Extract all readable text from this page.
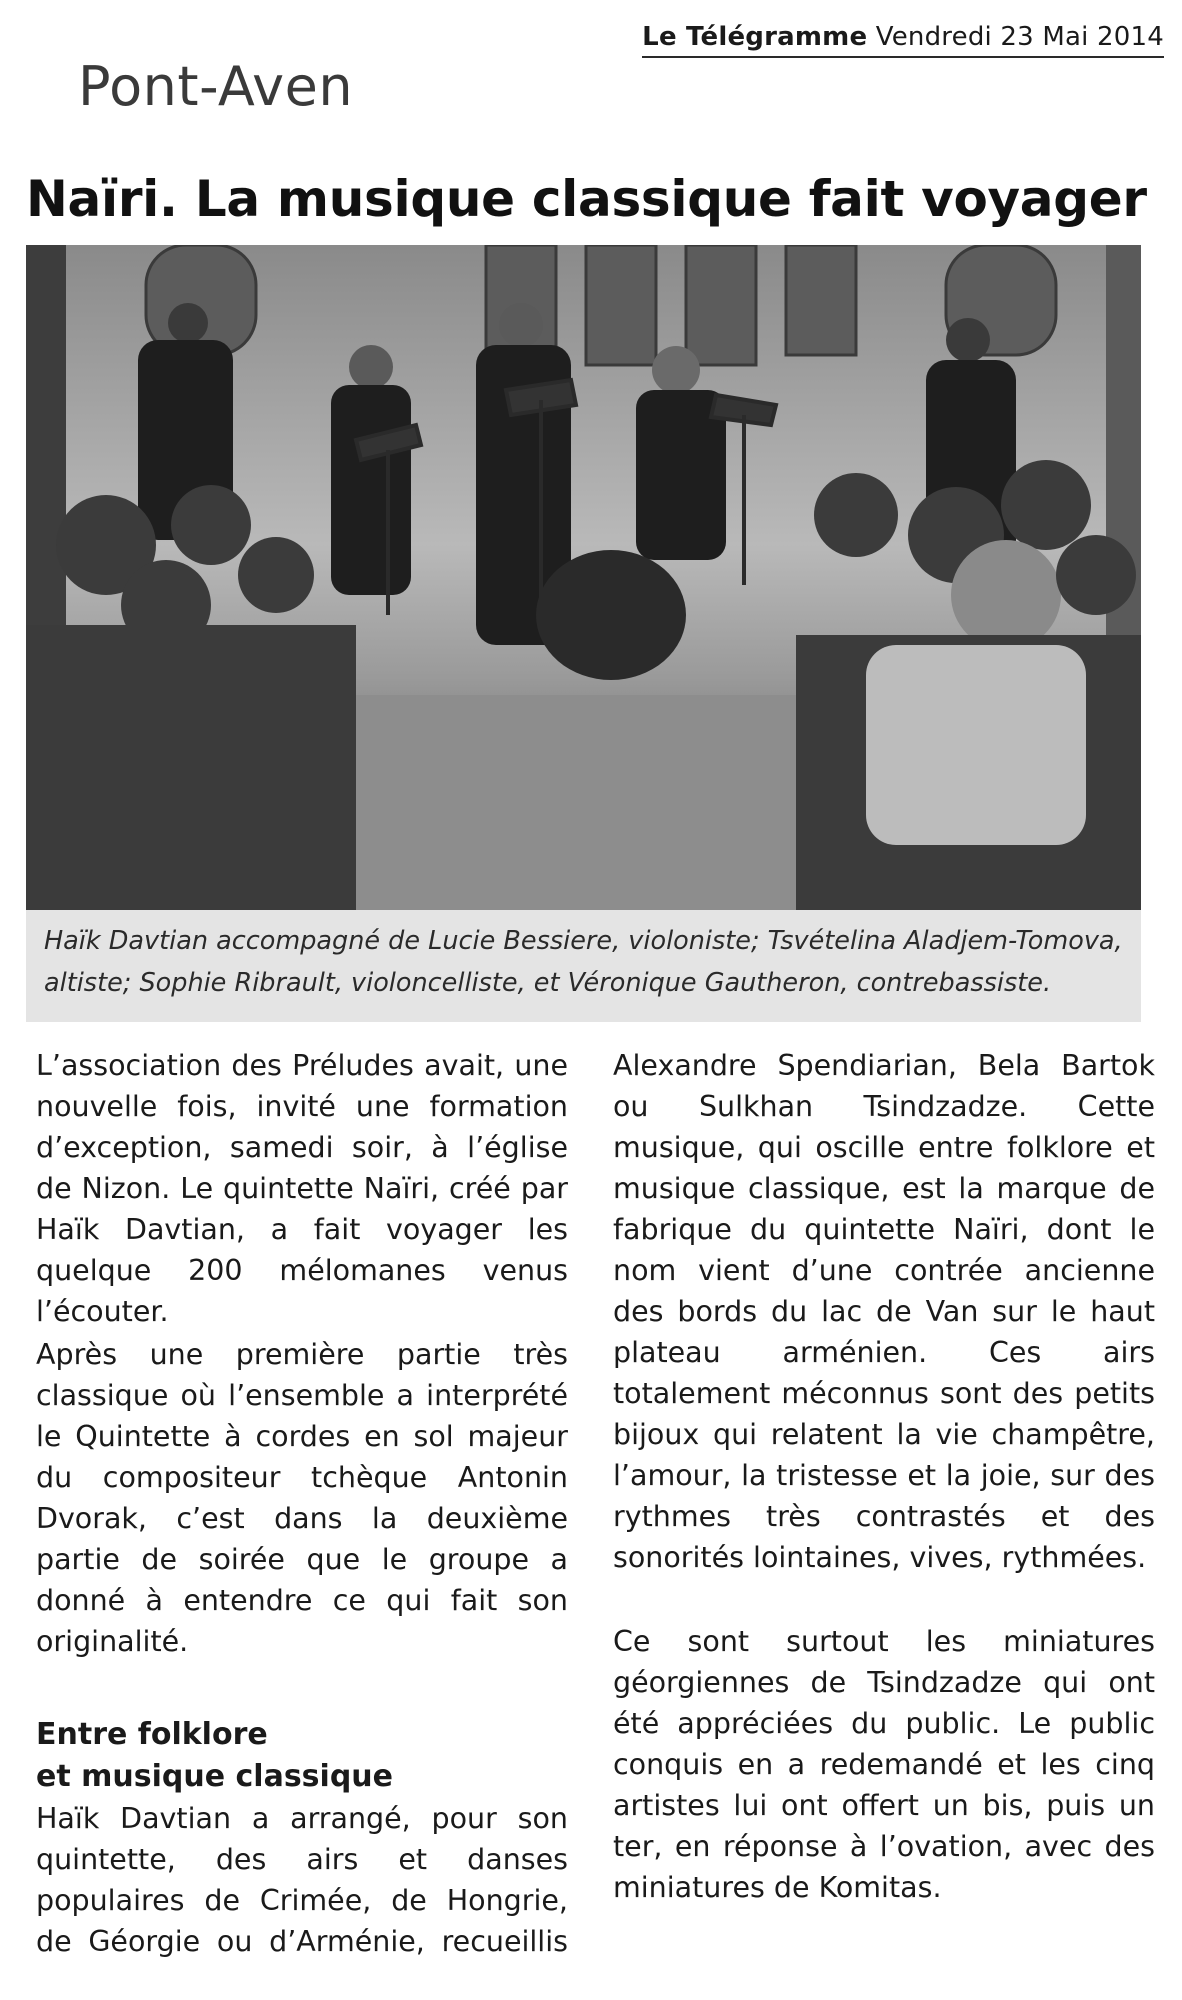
Le Télégramme Vendredi 23 Mai 2014
Pont-Aven
Naïri. La musique classique fait voyager
Haïk Davtian accompagné de Lucie Bessiere, violoniste; Tsvételina Aladjem-Tomova, altiste; Sophie Ribrault, violoncelliste, et Véronique Gautheron, contrebassiste.

L’association des Préludes avait, une nouvelle fois, invité une formation d’exception, samedi soir, à l’église de Nizon. Le quintette Naïri, créé par Haïk Davtian, a fait voyager les quelque 200 mélomanes venus l’écouter.

Après une première partie très classique où l’ensemble a interprété le Quintette à cordes en sol majeur du compositeur tchèque Antonin Dvorak, c’est dans la deuxième partie de soirée que le groupe a donné à entendre ce qui fait son originalité.

Entre folklore
et musique classique

Haïk Davtian a arrangé, pour son quintette, des airs et danses populaires de Crimée, de Hongrie, de Géorgie ou d’Arménie, recueillis

Alexandre Spendiarian, Bela Bartok ou Sulkhan Tsindzadze. Cette musique, qui oscille entre folklore et musique classique, est la marque de fabrique du quintette Naïri, dont le nom vient d’une contrée ancienne des bords du lac de Van sur le haut plateau arménien. Ces airs totalement méconnus sont des petits bijoux qui relatent la vie champêtre, l’amour, la tristesse et la joie, sur des rythmes très contrastés et des sonorités lointaines, vives, rythmées.

Ce sont surtout les miniatures géorgiennes de Tsindzadze qui ont été appréciées du public. Le public conquis en a redemandé et les cinq artistes lui ont offert un bis, puis un ter, en réponse à l’ovation, avec des miniatures de Komitas.
